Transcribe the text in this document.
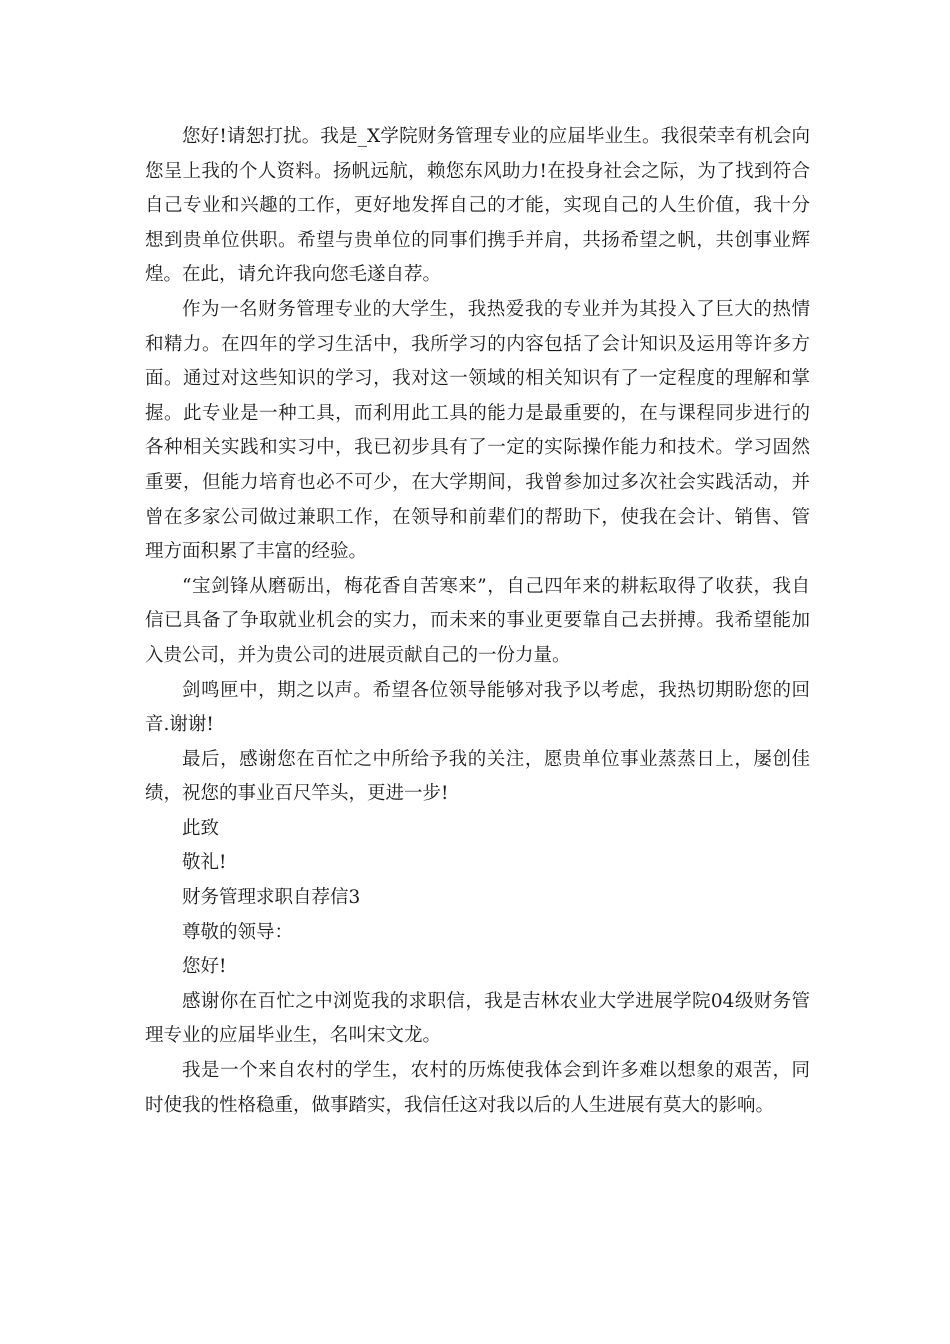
您好!请恕打扰。我是_X学院财务管理专业的应届毕业生。我很荣幸有机会向您呈上我的个人资料。扬帆远航，赖您东风助力!在投身社会之际，为了找到符合自己专业和兴趣的工作，更好地发挥自己的才能，实现自己的人生价值，我十分想到贵单位供职。希望与贵单位的同事们携手并肩，共扬希望之帆，共创事业辉煌。在此，请允许我向您毛遂自荐。

作为一名财务管理专业的大学生，我热爱我的专业并为其投入了巨大的热情和精力。在四年的学习生活中，我所学习的内容包括了会计知识及运用等许多方面。通过对这些知识的学习，我对这一领域的相关知识有了一定程度的理解和掌握。此专业是一种工具，而利用此工具的能力是最重要的，在与课程同步进行的各种相关实践和实习中，我已初步具有了一定的实际操作能力和技术。学习固然重要，但能力培育也必不可少，在大学期间，我曾参加过多次社会实践活动，并曾在多家公司做过兼职工作，在领导和前辈们的帮助下，使我在会计、销售、管理方面积累了丰富的经验。

“宝剑锋从磨砺出，梅花香自苦寒来”，自己四年来的耕耘取得了收获，我自信已具备了争取就业机会的实力，而未来的事业更要靠自己去拼搏。我希望能加入贵公司，并为贵公司的进展贡献自己的一份力量。

剑鸣匣中，期之以声。希望各位领导能够对我予以考虑，我热切期盼您的回音.谢谢!

最后，感谢您在百忙之中所给予我的关注，愿贵单位事业蒸蒸日上，屡创佳绩，祝您的事业百尺竿头，更进一步!

此致

敬礼!

财务管理求职自荐信3

尊敬的领导：

您好!

感谢你在百忙之中浏览我的求职信，我是吉林农业大学进展学院04级财务管理专业的应届毕业生，名叫宋文龙。

我是一个来自农村的学生，农村的历炼使我体会到许多难以想象的艰苦，同时使我的性格稳重，做事踏实，我信任这对我以后的人生进展有莫大的影响。
